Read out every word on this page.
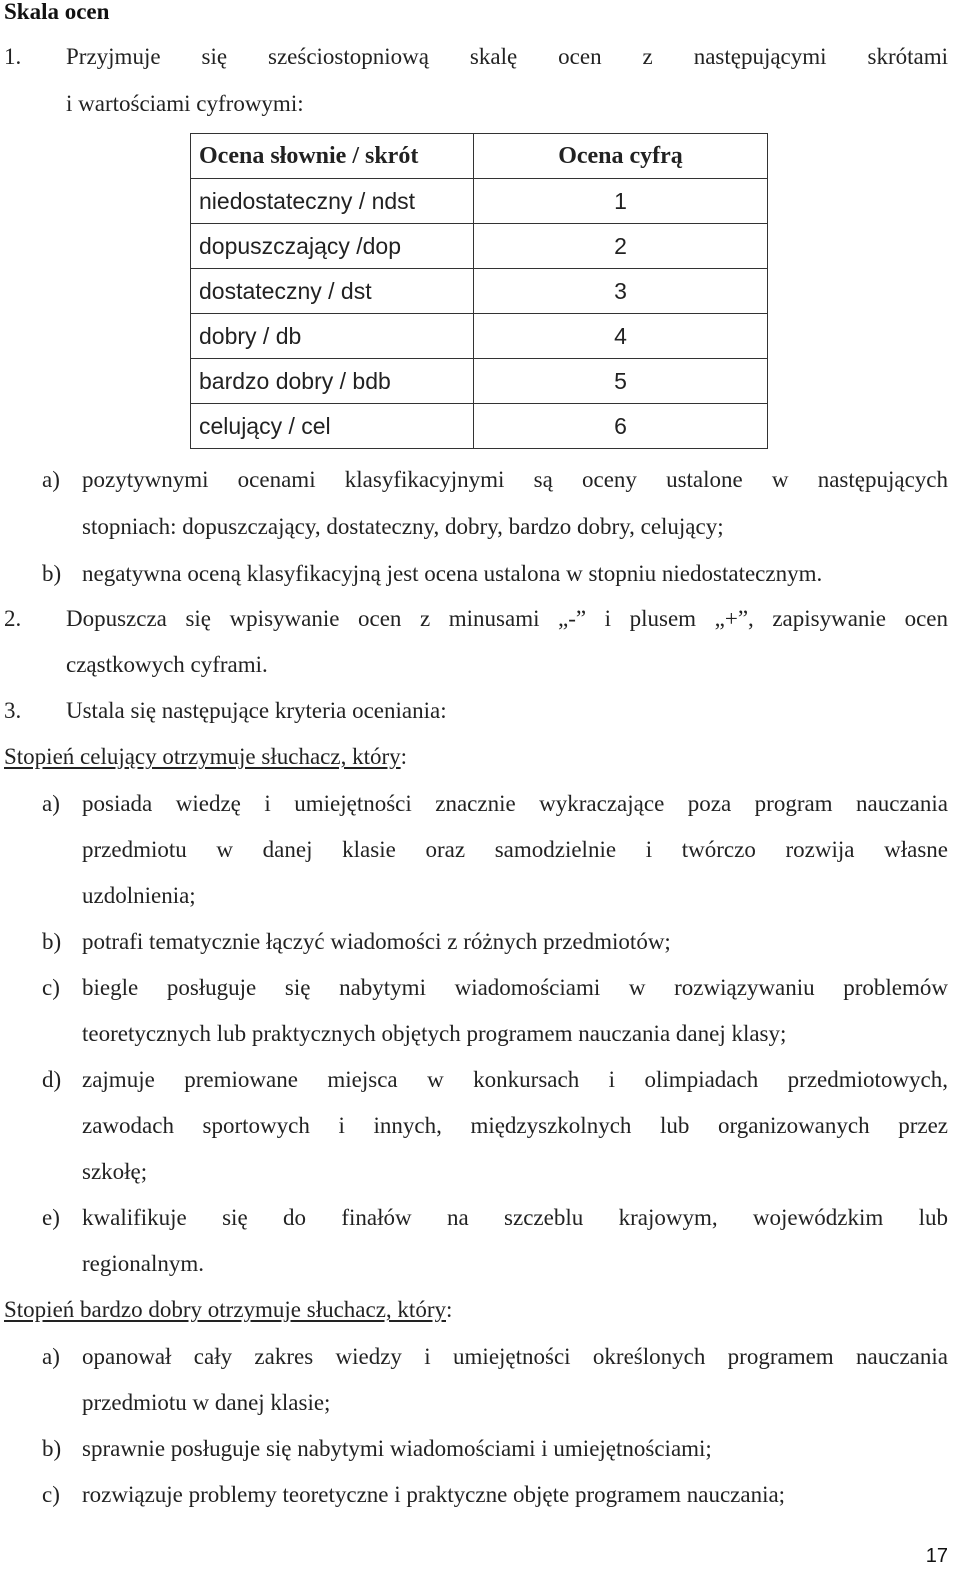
Skala ocen

1. Przyjmuje się sześciostopniową skalę ocen z następującymi skrótami

i wartościami cyfrowymi:

Ocena słownie / skrót	Ocena cyfrą
niedostateczny / ndst	1
dopuszczający /dop	2
dostateczny / dst	3
dobry / db	4
bardzo dobry / bdb	5
celujący / cel	6
a) pozytywnymi ocenami klasyfikacyjnymi są oceny ustalone w następujących

stopniach: dopuszczający, dostateczny, dobry, bardzo dobry, celujący;

b) negatywna oceną klasyfikacyjną jest ocena ustalona w stopniu niedostatecznym.

2. Dopuszcza się wpisywanie ocen z minusami „-” i plusem „+”, zapisywanie ocen

cząstkowych cyframi.

3. Ustala się następujące kryteria oceniania:

Stopień celujący otrzymuje słuchacz, który:

a) posiada wiedzę i umiejętności znacznie wykraczające poza program nauczania

przedmiotu w danej klasie oraz samodzielnie i twórczo rozwija własne

uzdolnienia;

b) potrafi tematycznie łączyć wiadomości z różnych przedmiotów;

c) biegle posługuje się nabytymi wiadomościami w rozwiązywaniu problemów

teoretycznych lub praktycznych objętych programem nauczania danej klasy;

d) zajmuje premiowane miejsca w konkursach i olimpiadach przedmiotowych,

zawodach sportowych i innych, międzyszkolnych lub organizowanych przez

szkołę;

e) kwalifikuje się do finałów na szczeblu krajowym, wojewódzkim lub

regionalnym.

Stopień bardzo dobry otrzymuje słuchacz, który:

a) opanował cały zakres wiedzy i umiejętności określonych programem nauczania

przedmiotu w danej klasie;

b) sprawnie posługuje się nabytymi wiadomościami i umiejętnościami;

c) rozwiązuje problemy teoretyczne i praktyczne objęte programem nauczania;

17
